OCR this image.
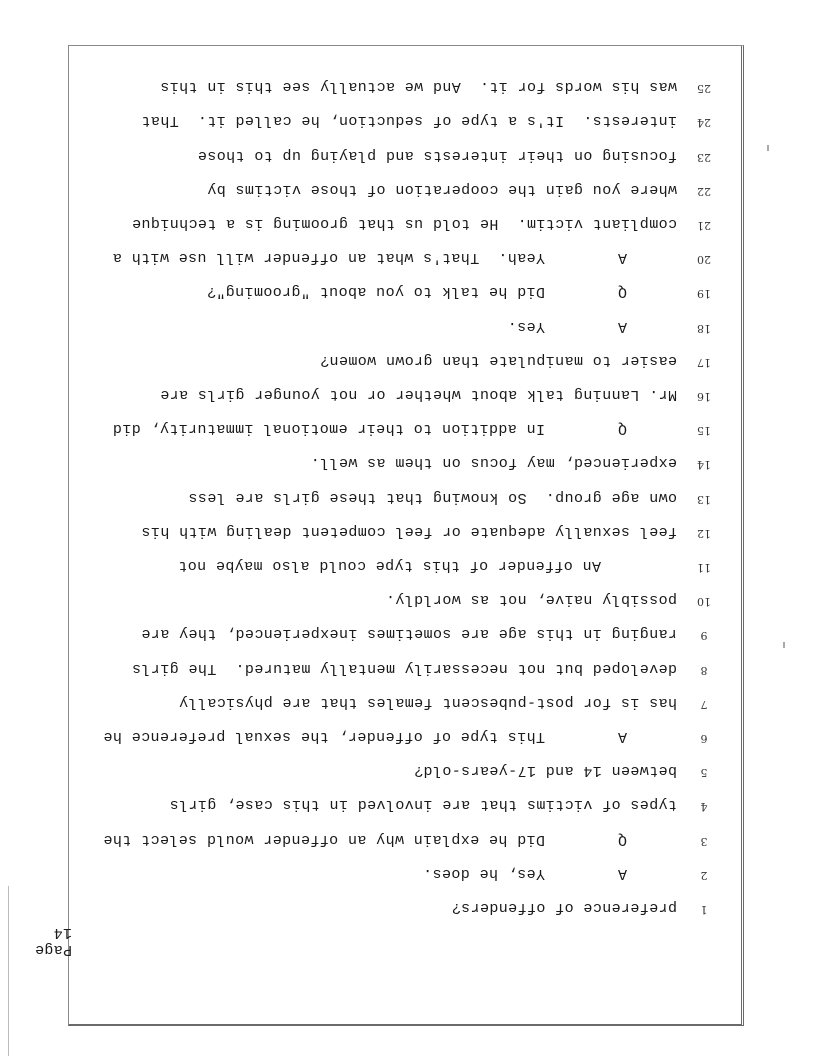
Page 14
1
preference of offenders?
2
A
Yes, he does.
3
Q
Did he explain why an offender would select the
4
types of victims that are involved in this case, girls
5
between 14 and 17-years-old?
6
A
This type of offender, the sexual preference he
7
has is for post-pubescent females that are physically
8
developed but not necessarily mentally matured.  The girls
9
ranging in this age are sometimes inexperienced, they are
10
possibly naive, not as worldly.
11
An offender of this type could also maybe not
12
feel sexually adequate or feel competent dealing with his
13
own age group.  So knowing that these girls are less
14
experienced, may focus on them as well.
15
Q
In addition to their emotional immaturity, did
16
Mr. Lanning talk about whether or not younger girls are
17
easier to manipulate than grown women?
18
A
Yes.
19
Q
Did he talk to you about "grooming"?
20
A
Yeah.  That's what an offender will use with a
21
compliant victim.  He told us that grooming is a technique
22
where you gain the cooperation of those victims by
23
focusing on their interests and playing up to those
24
interests.  It's a type of seduction, he called it.  That
25
was his words for it.  And we actually see this in this
